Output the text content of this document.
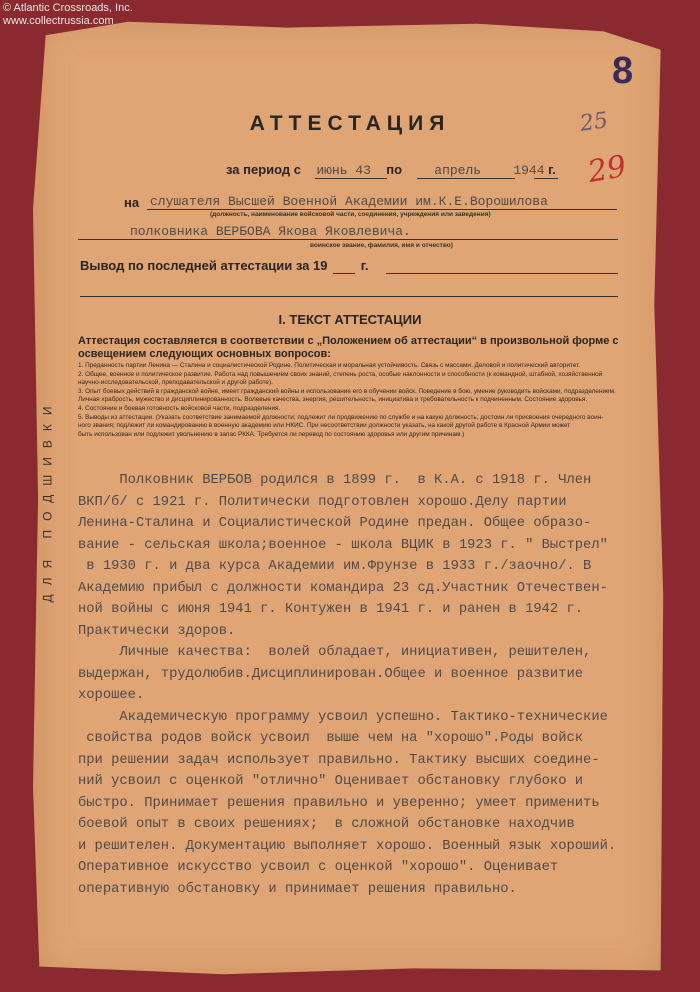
© Atlantic Crossroads, Inc.
www.collectrussia.com
8
25
29
ДЛЯ ПОДШИВКИ
АТТЕСТАЦИЯ
за период с июнь 43 по апрель 1944 г.
на слушателя Высшей Военной Академии им.К.Е.Ворошилова
(должность, наименование войсковой части, соединения, учреждения или заведения)
полковника ВЕРБОВА Якова Яковлевича.
воинское звание, фамилия, имя и отчество)
Вывод по последней аттестации за 19	г.
I. ТЕКСТ АТТЕСТАЦИИ
Аттестация составляется в соответствии с „Положением об аттестации“ в произвольной форме с освещением следующих основных вопросов:
1. Преданность партии Ленина — Сталина и социалистической Родине. Политическая и моральная устойчивость. Связь с массами. Деловой и политический авторитет.
2. Общее, военное и политическое развитие. Работа над повышением своих знаний, степень роста, особые наклонности и способности (к командной, штабной, хозяйственной
научно-исследовательской, преподавательской и другой работе).
3. Опыт боевых действий в гражданской войне, имеет гражданский войны и использование его в обучении войск. Поведение в бою, умение руководить войсками, подразделением.
Личная храбрость, мужество и дисциплинированность. Волевые качества, энергия, решительность, инициатива и требовательность к подчиненным. Состояние здоровья.
4. Состояние и боевая готовность войсковой части, подразделения.
5. Выводы из аттестации. (Указать соответствие занимаемой должности; подлежит ли продвижению по службе и на какую должность; достоин ли присвоения очередного воин-
ного звания; подлежит ли командированию в военную академию или НКИС. При несоответствии должности указать, на какой другой работе в Красной Армии может
быть использован или подлежит увольнению в запас РККА. Требуется ли перевод по состоянию здоровья или другим причинам.)

Полковник ВЕРБОВ родился в 1899 г.  в К.А. с 1918 г. Член

ВКП/б/ с 1921 г. Политически подготовлен хорошо.Делу партии

Ленина-Сталина и Социалистической Родине предан. Общее образо-

вание - сельская школа;военное - школа ВЦИК в 1923 г. " Выстрел"

в 1930 г. и два курса Академии им.Фрунзе в 1933 г./заочно/. В

Академию прибыл с должности командира 23 сд.Участник Отечествен-

ной войны с июня 1941 г. Контужен в 1941 г. и ранен в 1942 г.

Практически здоров.

Личные качества:  волей обладает, инициативен, решителен,

выдержан, трудолюбив.Дисциплинирован.Общее и военное развитие

хорошее.

Академическую программу усвоил успешно. Тактико-технические

свойства родов войск усвоил  выше чем на "хорошо".Роды войск

при решении задач использует правильно. Тактику высших соедине-

ний усвоил с оценкой "отлично" Оценивает обстановку глубоко и

быстро. Принимает решения правильно и уверенно; умеет применить

боевой опыт в своих решениях;  в сложной обстановке находчив

и решителен. Документацию выполняет хорошо. Военный язык хороший.

Оперативное искусство усвоил с оценкой "хорошо". Оценивает

оперативную обстановку и принимает решения правильно.
